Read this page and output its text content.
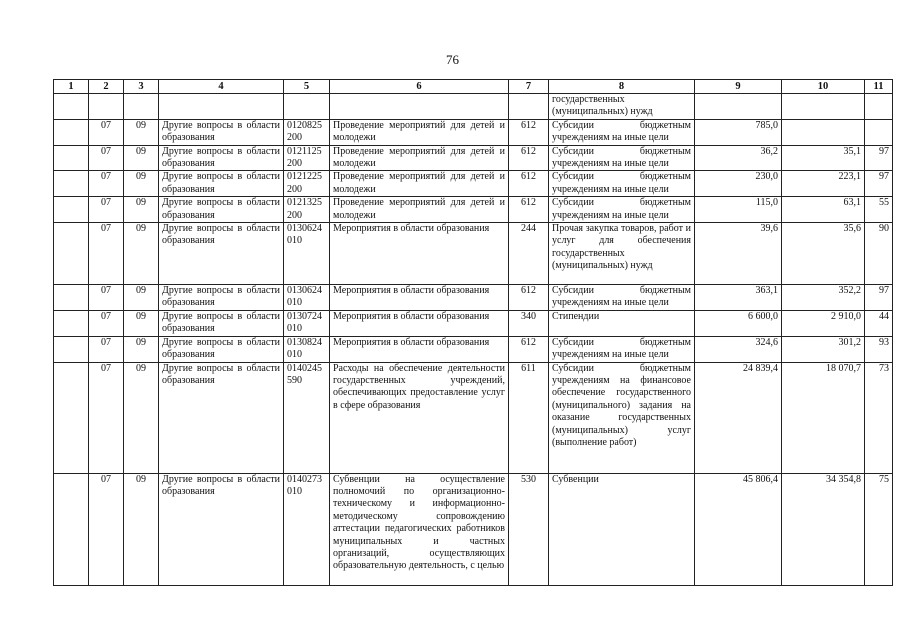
76
1	2	3	4	5	6	7	8	9	10	11
							государственных (муниципальных) нужд			
	07	09	Другие вопросы в области образования	0120825200	Проведение мероприятий для детей и молодежи	612	Субсидии бюджетным учреждениям на иные цели	785,0		
	07	09	Другие вопросы в области образования	0121125200	Проведение мероприятий для детей и молодежи	612	Субсидии бюджетным учреждениям на иные цели	36,2	35,1	97
	07	09	Другие вопросы в области образования	0121225200	Проведение мероприятий для детей и молодежи	612	Субсидии бюджетным учреждениям на иные цели	230,0	223,1	97
	07	09	Другие вопросы в области образования	0121325200	Проведение мероприятий для детей и молодежи	612	Субсидии бюджетным учреждениям на иные цели	115,0	63,1	55
	07	09	Другие вопросы в области образования	0130624010	Мероприятия в области образования	244	Прочая закупка товаров, работ и услуг для обеспечения государственных (муниципальных) нужд	39,6	35,6	90
	07	09	Другие вопросы в области образования	0130624010	Мероприятия в области образования	612	Субсидии бюджетным учреждениям на иные цели	363,1	352,2	97
	07	09	Другие вопросы в области образования	0130724010	Мероприятия в области образования	340	Стипендии	6 600,0	2 910,0	44
	07	09	Другие вопросы в области образования	0130824010	Мероприятия в области образования	612	Субсидии бюджетным учреждениям на иные цели	324,6	301,2	93
	07	09	Другие вопросы в области образования	0140245590	Расходы на обеспечение деятельности государственных учреждений, обеспечивающих предоставление услуг в сфере образования	611	Субсидии бюджетным учреждениям на финансовое обеспечение государственного (муниципального) задания на оказание государственных (муниципальных) услуг (выполнение работ)	24 839,4	18 070,7	73
	07	09	Другие вопросы в области образования	0140273010	Субвенции на осуществление полномочий по организационно-техническому и информационно-методическому сопровождению аттестации педагогических работников муниципальных и частных организаций, осуществляющих образовательную деятельность, с целью	530	Субвенции	45 806,4	34 354,8	75
